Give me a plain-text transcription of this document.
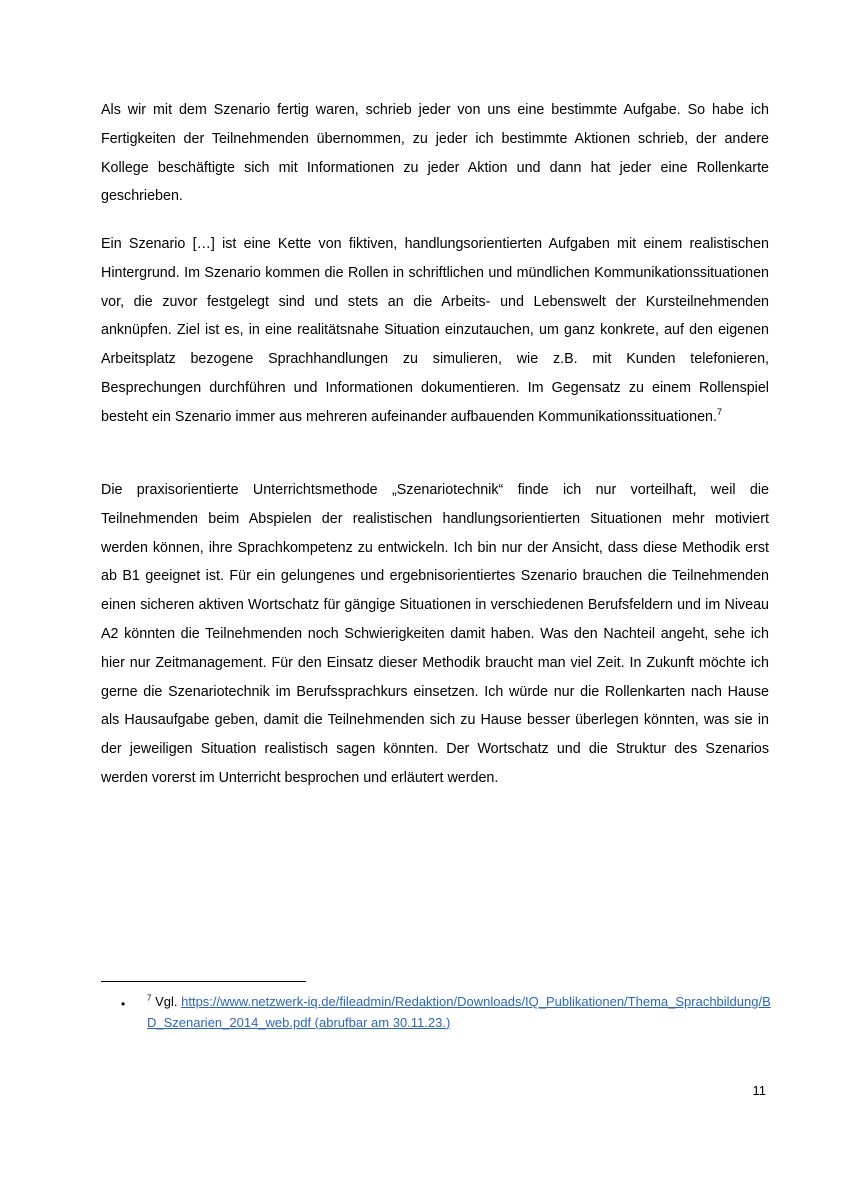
Als wir mit dem Szenario fertig waren, schrieb jeder von uns eine bestimmte Aufgabe. So habe ich Fertigkeiten der Teilnehmenden übernommen, zu jeder ich bestimmte Aktionen schrieb, der andere Kollege beschäftigte sich mit Informationen zu jeder Aktion und dann hat jeder eine Rollenkarte geschrieben.

Ein Szenario […] ist eine Kette von fiktiven, handlungsorientierten Aufgaben mit einem realistischen Hintergrund. Im Szenario kommen die Rollen in schriftlichen und mündlichen Kommunikationssituationen vor, die zuvor festgelegt sind und stets an die Arbeits- und Lebenswelt der Kursteilnehmenden anknüpfen. Ziel ist es, in eine realitätsnahe Situation einzutauchen, um ganz konkrete, auf den eigenen Arbeitsplatz bezogene Sprachhandlungen zu simulieren, wie z.B. mit Kunden telefonieren, Besprechungen durchführen und Informationen dokumentieren. Im Gegensatz zu einem Rollenspiel besteht ein Szenario immer aus mehreren aufeinander aufbauenden Kommunikationssituationen.$^7$

Die praxisorientierte Unterrichtsmethode „Szenariotechnik“ finde ich nur vorteilhaft, weil die Teilnehmenden beim Abspielen der realistischen handlungsorientierten Situationen mehr motiviert werden können, ihre Sprachkompetenz zu entwickeln. Ich bin nur der Ansicht, dass diese Methodik erst ab B1 geeignet ist. Für ein gelungenes und ergebnisorientiertes Szenario brauchen die Teilnehmenden einen sicheren aktiven Wortschatz für gängige Situationen in verschiedenen Berufsfeldern und im Niveau A2 könnten die Teilnehmenden noch Schwierigkeiten damit haben. Was den Nachteil angeht, sehe ich hier nur Zeitmanagement. Für den Einsatz dieser Methodik braucht man viel Zeit. In Zukunft möchte ich gerne die Szenariotechnik im Berufssprachkurs einsetzen. Ich würde nur die Rollenkarten nach Hause als Hausaufgabe geben, damit die Teilnehmenden sich zu Hause besser überlegen könnten, was sie in der jeweiligen Situation realistisch sagen könnten. Der Wortschatz und die Struktur des Szenarios werden vorerst im Unterricht besprochen und erläutert werden.

•	$^7$ Vgl. https://www.netzwerk-iq.de/fileadmin/Redaktion/Downloads/IQ_Publikationen/Thema_Sprachbildung/BD_Szenarien_2014_web.pdf (abrufbar am 30.11.23.)
11
